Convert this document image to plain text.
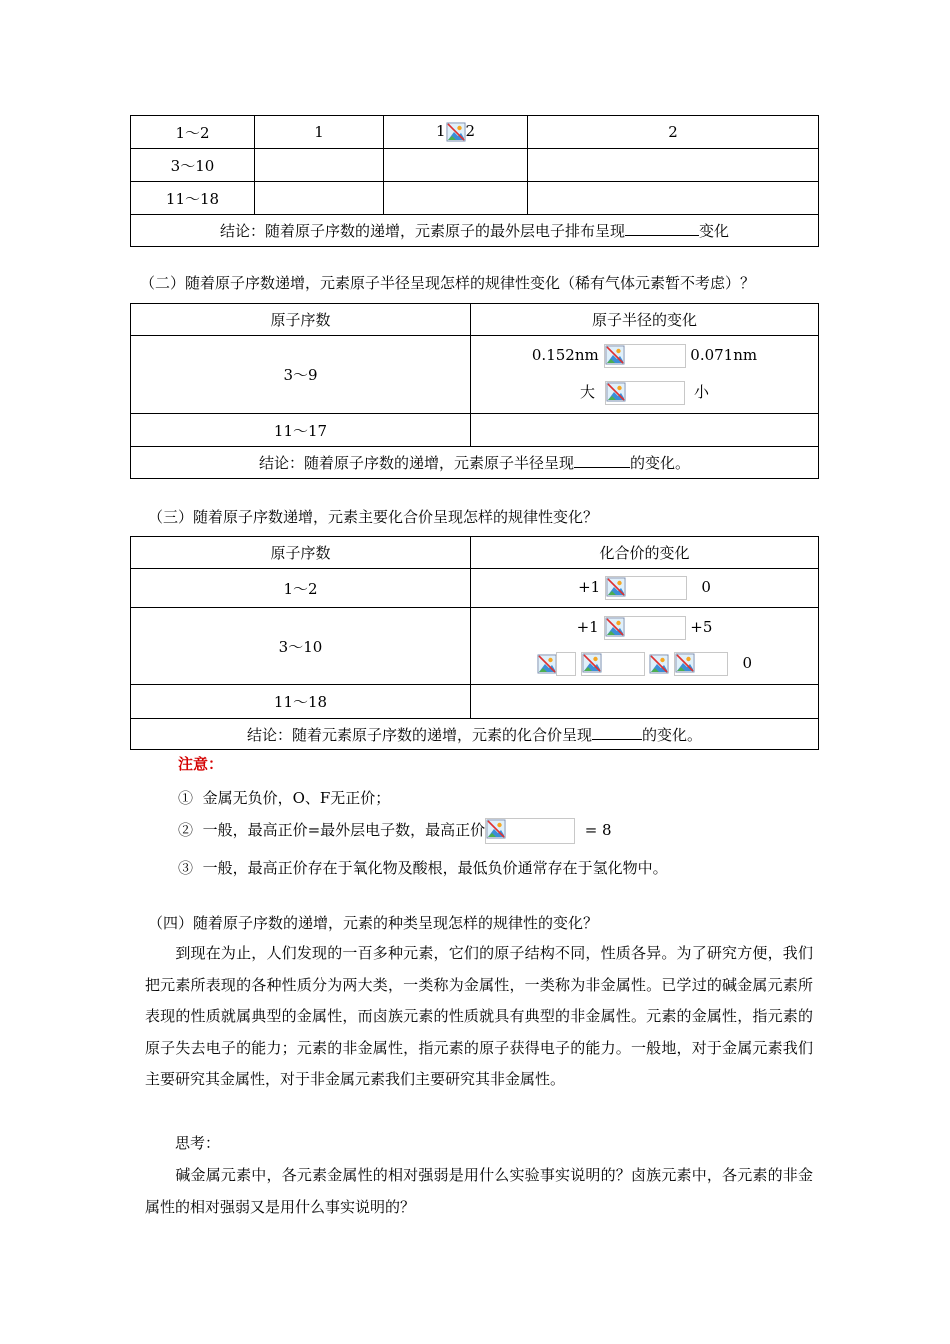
1～2	1	1 2	2
3～10			
11～18			
结论：随着原子序数的递增，元素原子的最外层电子排布呈现 变化			
（二）随着原子序数递增，元素原子半径呈现怎样的规律性变化（稀有气体元素暂不考虑）？
原子序数	原子半径的变化
3～9	0.152nm 0.071nm
大 小

11～17	
结论：随着原子序数的递增，元素原子半径呈现 的变化。	
（三）随着原子序数递增，元素主要化合价呈现怎样的规律性变化？
原子序数	化合价的变化
1～2	+1 0
3～10	+1 +5

0

11～18	
结论：随着元素原子序数的递增，元素的化合价呈现 的变化。	
注意：
① 金属无负价，O、F无正价；
② 一般，最高正价=最外层电子数，最高正价	= 8
③ 一般，最高正价存在于氧化物及酸根，最低负价通常存在于氢化物中。
（四）随着原子序数的递增，元素的种类呈现怎样的规律性的变化？
　　到现在为止，人们发现的一百多种元素，它们的原子结构不同，性质各异。为了研究方便，我们把元素所表现的各种性质分为两大类，一类称为金属性，一类称为非金属性。已学过的碱金属元素所表现的性质就属典型的金属性，而卤族元素的性质就具有典型的非金属性。元素的金属性，指元素的原子失去电子的能力；元素的非金属性，指元素的原子获得电子的能力。一般地，对于金属元素我们主要研究其金属性，对于非金属元素我们主要研究其非金属性。
　　思考：
　　碱金属元素中，各元素金属性的相对强弱是用什么实验事实说明的？卤族元素中，各元素的非金属性的相对强弱又是用什么事实说明的？
